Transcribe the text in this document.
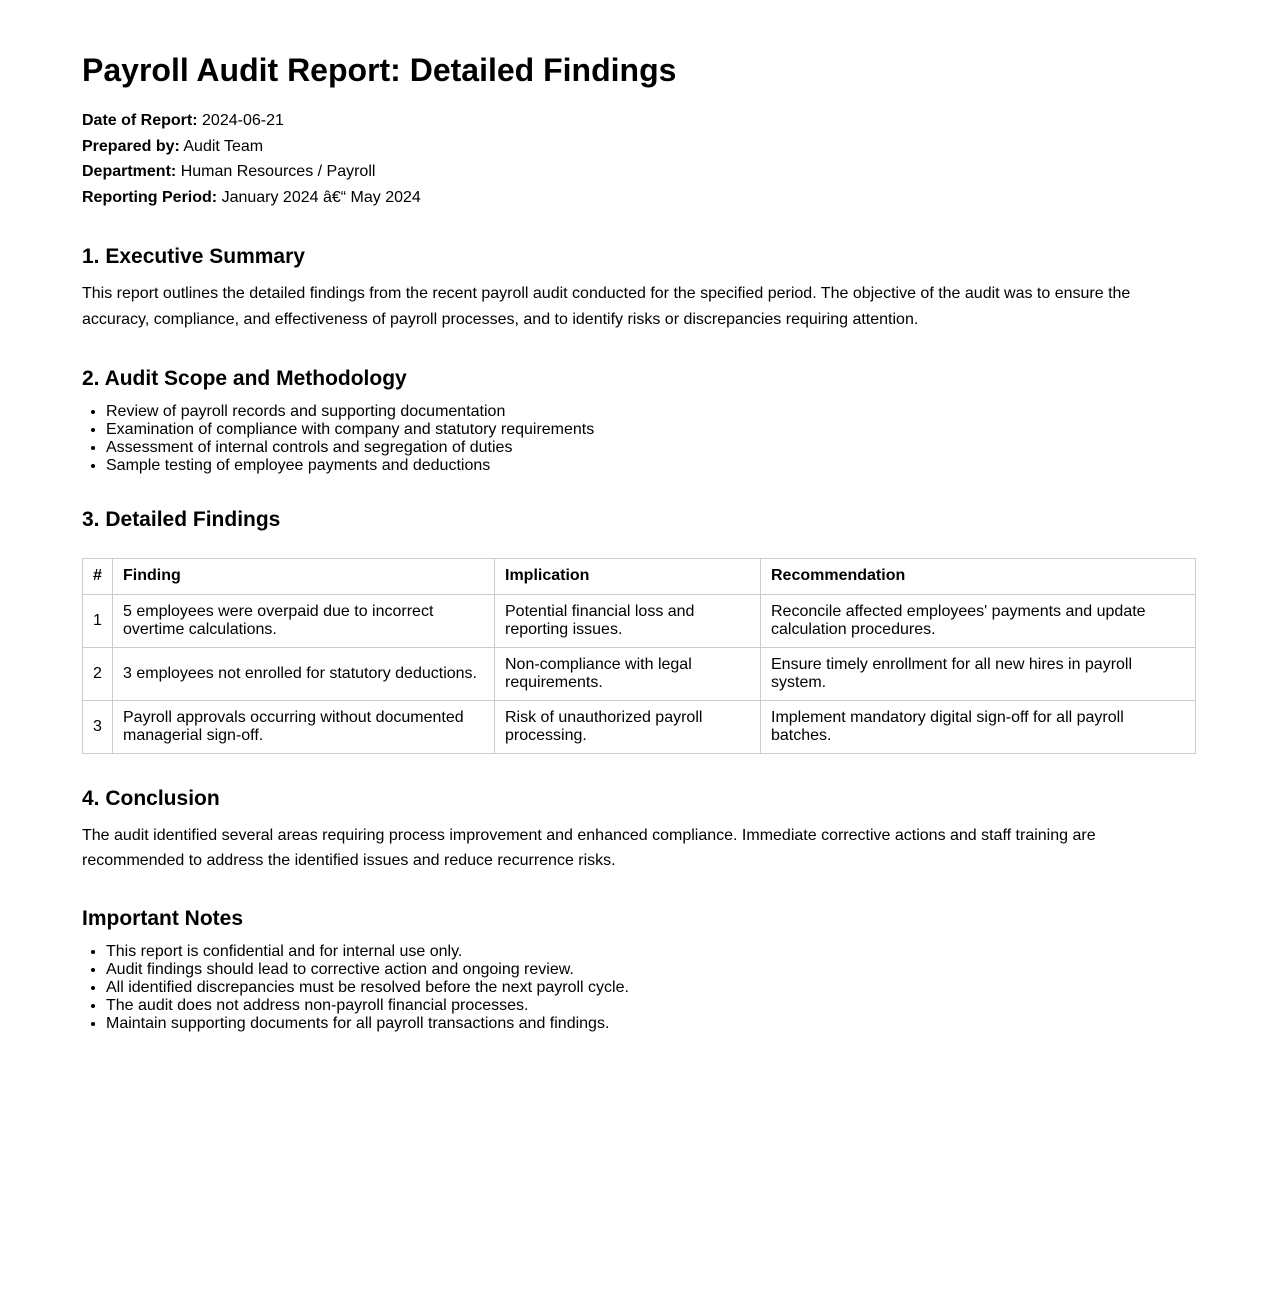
Payroll Audit Report: Detailed Findings
Date of Report: 2024-06-21
Prepared by: Audit Team
Department: Human Resources / Payroll
Reporting Period: January 2024 â€“ May 2024
1. Executive Summary

This report outlines the detailed findings from the recent payroll audit conducted for the specified period. The objective of the audit was to ensure the accuracy, compliance, and effectiveness of payroll processes, and to identify risks or discrepancies requiring attention.

2. Audit Scope and Methodology
• Review of payroll records and supporting documentation
• Examination of compliance with company and statutory requirements
• Assessment of internal controls and segregation of duties
• Sample testing of employee payments and deductions
3. Detailed Findings
#	Finding	Implication	Recommendation
1	5 employees were overpaid due to incorrect overtime calculations.	Potential financial loss and reporting issues.	Reconcile affected employees' payments and update calculation procedures.
2	3 employees not enrolled for statutory deductions.	Non-compliance with legal requirements.	Ensure timely enrollment for all new hires in payroll system.
3	Payroll approvals occurring without documented managerial sign-off.	Risk of unauthorized payroll processing.	Implement mandatory digital sign-off for all payroll batches.
4. Conclusion

The audit identified several areas requiring process improvement and enhanced compliance. Immediate corrective actions and staff training are recommended to address the identified issues and reduce recurrence risks.

Important Notes
• This report is confidential and for internal use only.
• Audit findings should lead to corrective action and ongoing review.
• All identified discrepancies must be resolved before the next payroll cycle.
• The audit does not address non-payroll financial processes.
• Maintain supporting documents for all payroll transactions and findings.
